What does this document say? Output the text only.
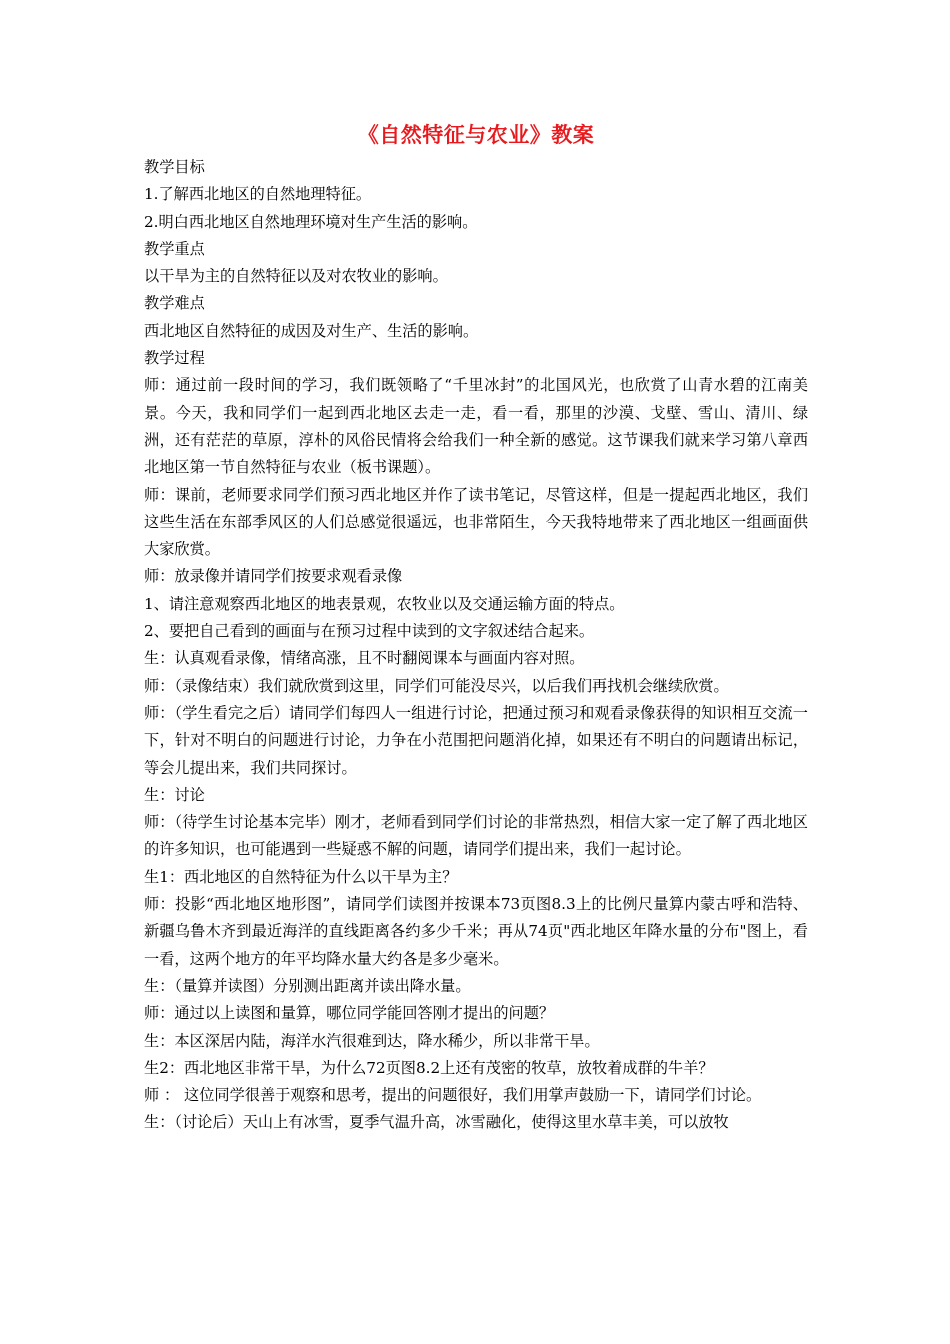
《自然特征与农业》教案

教学目标

1.了解西北地区的自然地理特征。

2.明白西北地区自然地理环境对生产生活的影响。

教学重点

以干旱为主的自然特征以及对农牧业的影响。

教学难点

西北地区自然特征的成因及对生产、生活的影响。

教学过程

师：通过前一段时间的学习，我们既领略了“千里冰封”的北国风光，也欣赏了山青水碧的江南美景。今天，我和同学们一起到西北地区去走一走，看一看，那里的沙漠、戈壁、雪山、清川、绿洲，还有茫茫的草原，淳朴的风俗民情将会给我们一种全新的感觉。这节课我们就来学习第八章西北地区第一节自然特征与农业（板书课题）。

师：课前，老师要求同学们预习西北地区并作了读书笔记，尽管这样，但是一提起西北地区，我们这些生活在东部季风区的人们总感觉很遥远，也非常陌生，今天我特地带来了西北地区一组画面供大家欣赏。

师：放录像并请同学们按要求观看录像

1、请注意观察西北地区的地表景观，农牧业以及交通运输方面的特点。

2、要把自己看到的画面与在预习过程中读到的文字叙述结合起来。

生：认真观看录像，情绪高涨，且不时翻阅课本与画面内容对照。

师：（录像结束）我们就欣赏到这里，同学们可能没尽兴，以后我们再找机会继续欣赏。

师：（学生看完之后）请同学们每四人一组进行讨论，把通过预习和观看录像获得的知识相互交流一下，针对不明白的问题进行讨论，力争在小范围把问题消化掉，如果还有不明白的问题请出标记，等会儿提出来，我们共同探讨。

生：讨论

师：（待学生讨论基本完毕）刚才，老师看到同学们讨论的非常热烈，相信大家一定了解了西北地区的许多知识，也可能遇到一些疑惑不解的问题，请同学们提出来，我们一起讨论。

生1：西北地区的自然特征为什么以干旱为主？

师：投影“西北地区地形图”，请同学们读图并按课本73页图8.3上的比例尺量算内蒙古呼和浩特、新疆乌鲁木齐到最近海洋的直线距离各约多少千米；再从74页"西北地区年降水量的分布"图上，看一看，这两个地方的年平均降水量大约各是多少毫米。

生：（量算并读图）分别测出距离并读出降水量。

师：通过以上读图和量算，哪位同学能回答刚才提出的问题？

生：本区深居内陆，海洋水汽很难到达，降水稀少，所以非常干旱。

生2：西北地区非常干旱，为什么72页图8.2上还有茂密的牧草，放牧着成群的牛羊？

师 ： 这位同学很善于观察和思考，提出的问题很好，我们用掌声鼓励一下，请同学们讨论。

生：（讨论后）天山上有冰雪，夏季气温升高，冰雪融化，使得这里水草丰美，可以放牧
